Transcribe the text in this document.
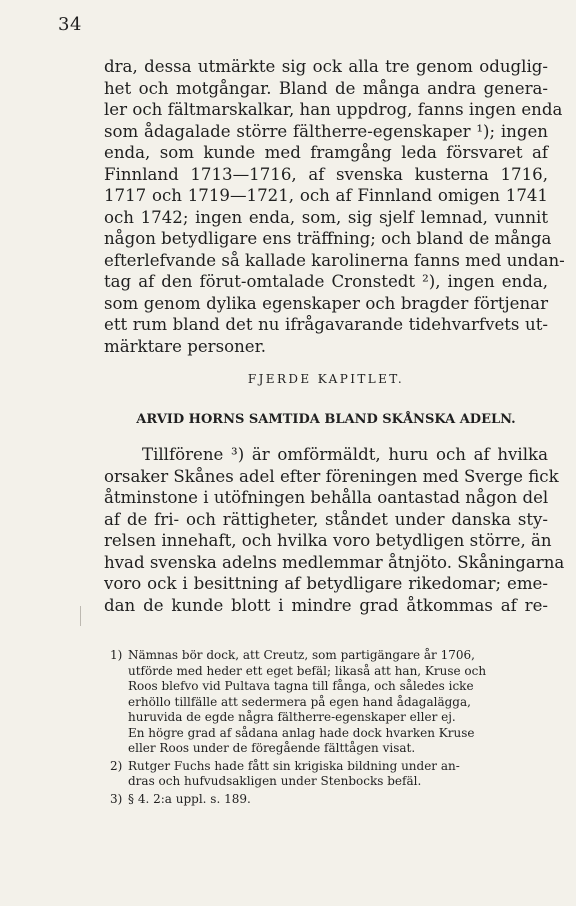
34
dra, dessa utmärkte sig ock alla tre genom oduglig-
het och motgångar. Bland de många andra genera-
ler och fältmarskalkar, han uppdrog, fanns ingen enda
som ådagalade större fältherre-egenskaper ¹); ingen
enda, som kunde med framgång leda försvaret af
Finnland 1713—1716, af svenska kusterna 1716,
1717 och 1719—1721, och af Finnland omigen 1741
och 1742; ingen enda, som, sig sjelf lemnad, vunnit
någon betydligare ens träffning; och bland de många
efterlefvande så kallade karolinerna fanns med undan-
tag af den förut-omtalade Cronstedt ²), ingen enda,
som genom dylika egenskaper och bragder förtjenar
ett rum bland det nu ifrågavarande tidehvarfvets ut-
märktare personer.
FJERDE KAPITLET.
ARVID HORNS SAMTIDA BLAND SKÅNSKA ADELN.
Tillförene ³) är omförmäldt, huru och af hvilka
orsaker Skånes adel efter föreningen med Sverge fick
åtminstone i utöfningen behålla oantastad någon del
af de fri- och rättigheter, ståndet under danska sty-
relsen innehaft, och hvilka voro betydligen större, än
hvad svenska adelns medlemmar åtnjöto. Skåningarna
voro ock i besittning af betydligare rikedomar; eme-
dan de kunde blott i mindre grad åtkommas af re-
1) Nämnas bör dock, att Creutz, som partigängare år 1706,
utförde med heder ett eget befäl; likaså att han, Kruse och
Roos blefvo vid Pultava tagna till fånga, och således icke
erhöllo tillfälle att sedermera på egen hand ådagalägga,
huruvida de egde några fältherre-egenskaper eller ej.
En högre grad af sådana anlag hade dock hvarken Kruse
eller Roos under de föregående fälttågen visat.
2) Rutger Fuchs hade fått sin krigiska bildning under an-
dras och hufvudsakligen under Stenbocks befäl.
3) § 4. 2:a uppl. s. 189.
